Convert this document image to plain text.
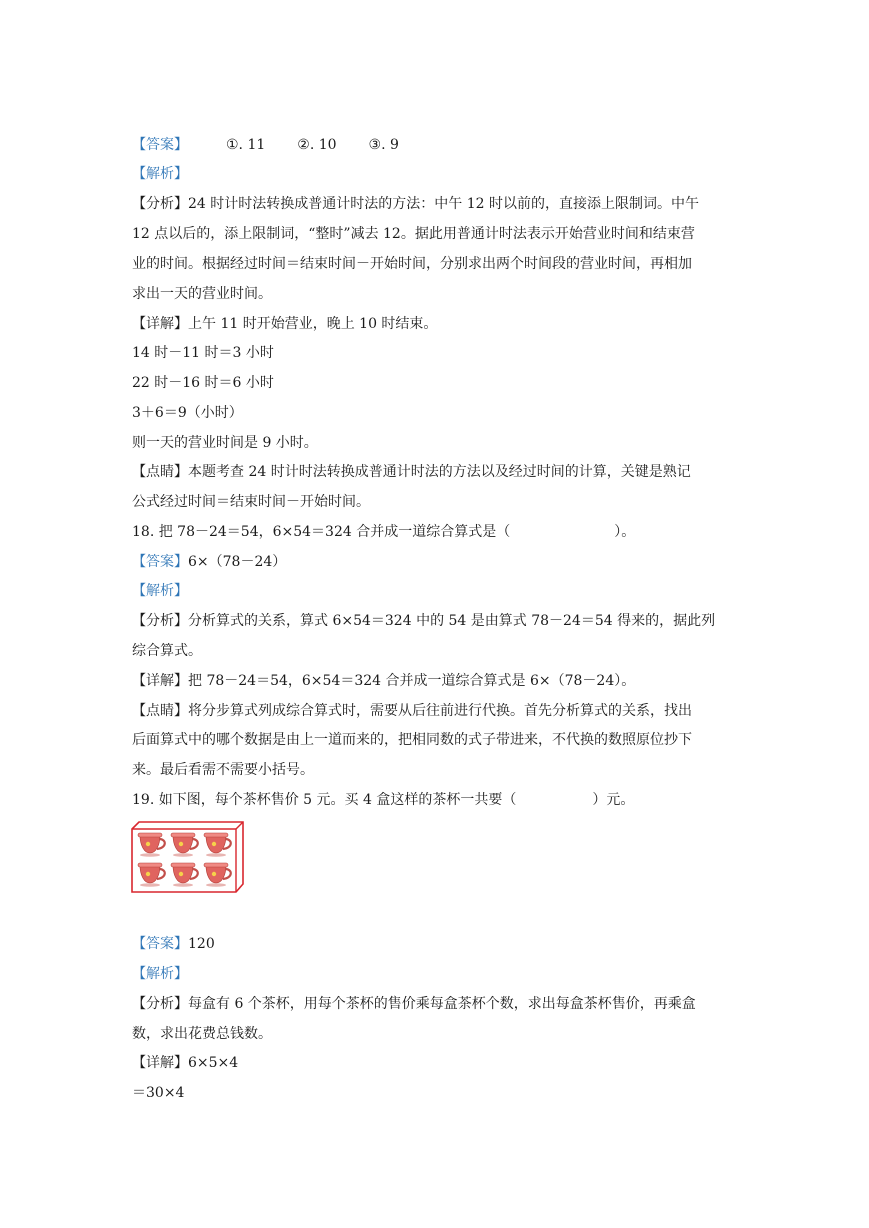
【答案】	①. 11 ②. 10 ③. 9
【解析】
【分析】24 时计时法转换成普通计时法的方法：中午 12 时以前的，直接添上限制词。中午
12 点以后的，添上限制词，“整时”减去 12。据此用普通计时法表示开始营业时间和结束营
业的时间。根据经过时间＝结束时间－开始时间，分别求出两个时间段的营业时间，再相加
求出一天的营业时间。
【详解】上午 11 时开始营业，晚上 10 时结束。
14 时－11 时＝3 小时
22 时－16 时＝6 小时
3＋6＝9（小时）
则一天的营业时间是 9 小时。
【点睛】本题考查 24 时计时法转换成普通计时法的方法以及经过时间的计算，关键是熟记
公式经过时间＝结束时间－开始时间。
18. 把 78－24＝54，6×54＝324 合并成一道综合算式是（	）。
【答案】6×（78－24）
【解析】
【分析】分析算式的关系，算式 6×54＝324 中的 54 是由算式 78－24＝54 得来的，据此列
综合算式。
【详解】把 78－24＝54，6×54＝324 合并成一道综合算式是 6×（78－24）。
【点睛】将分步算式列成综合算式时，需要从后往前进行代换。首先分析算式的关系，找出
后面算式中的哪个数据是由上一道而来的，把相同数的式子带进来，不代换的数照原位抄下
来。最后看需不需要小括号。
19. 如下图，每个茶杯售价 5 元。买 4 盒这样的茶杯一共要（	）元。
【答案】120
【解析】
【分析】每盒有 6 个茶杯，用每个茶杯的售价乘每盒茶杯个数，求出每盒茶杯售价，再乘盒
数，求出花费总钱数。
【详解】6×5×4
＝30×4
